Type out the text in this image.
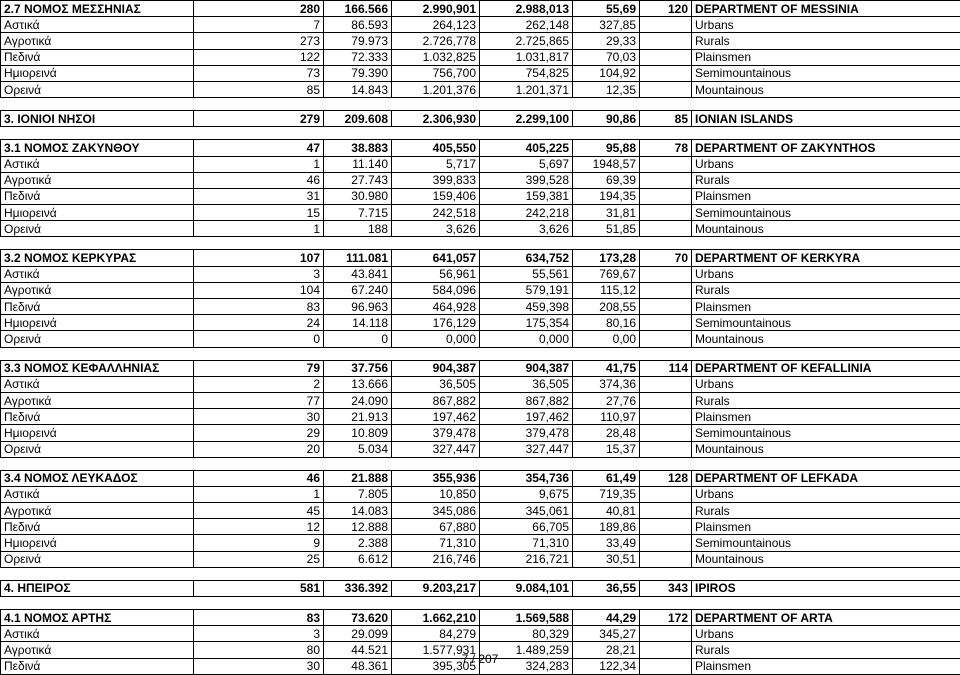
2.7 ΝΟΜΟΣ ΜΕΣΣΗΝΙΑΣ	280	166.566	2.990,901	2.988,013	55,69	120	DEPARTMENT OF MESSINIA
Αστικά	7	86.593	264,123	262,148	327,85		Urbans
Αγροτικά	273	79.973	2.726,778	2.725,865	29,33		Rurals
Πεδινά	122	72.333	1.032,825	1.031,817	70,03		Plainsmen
Ημιορεινά	73	79.390	756,700	754,825	104,92		Semimountainous
Ορεινά	85	14.843	1.201,376	1.201,371	12,35		Mountainous

3. ΙΟΝΙΟΙ ΝΗΣΟΙ	279	209.608	2.306,930	2.299,100	90,86	85	IONIAN ISLANDS

3.1 ΝΟΜΟΣ ΖΑΚΥΝΘΟΥ	47	38.883	405,550	405,225	95,88	78	DEPARTMENT OF ZAKYNTHOS
Αστικά	1	11.140	5,717	5,697	1948,57		Urbans
Αγροτικά	46	27.743	399,833	399,528	69,39		Rurals
Πεδινά	31	30.980	159,406	159,381	194,35		Plainsmen
Ημιορεινά	15	7.715	242,518	242,218	31,81		Semimountainous
Ορεινά	1	188	3,626	3,626	51,85		Mountainous

3.2 ΝΟΜΟΣ ΚΕΡΚΥΡΑΣ	107	111.081	641,057	634,752	173,28	70	DEPARTMENT OF KERKYRA
Αστικά	3	43.841	56,961	55,561	769,67		Urbans
Αγροτικά	104	67.240	584,096	579,191	115,12		Rurals
Πεδινά	83	96.963	464,928	459,398	208,55		Plainsmen
Ημιορεινά	24	14.118	176,129	175,354	80,16		Semimountainous
Ορεινά	0	0	0,000	0,000	0,00		Mountainous

3.3 ΝΟΜΟΣ ΚΕΦΑΛΛΗΝΙΑΣ	79	37.756	904,387	904,387	41,75	114	DEPARTMENT OF KEFALLINIA
Αστικά	2	13.666	36,505	36,505	374,36		Urbans
Αγροτικά	77	24.090	867,882	867,882	27,76		Rurals
Πεδινά	30	21.913	197,462	197,462	110,97		Plainsmen
Ημιορεινά	29	10.809	379,478	379,478	28,48		Semimountainous
Ορεινά	20	5.034	327,447	327,447	15,37		Mountainous

3.4 ΝΟΜΟΣ ΛΕΥΚΑΔΟΣ	46	21.888	355,936	354,736	61,49	128	DEPARTMENT OF LEFKADA
Αστικά	1	7.805	10,850	9,675	719,35		Urbans
Αγροτικά	45	14.083	345,086	345,061	40,81		Rurals
Πεδινά	12	12.888	67,880	66,705	189,86		Plainsmen
Ημιορεινά	9	2.388	71,310	71,310	33,49		Semimountainous
Ορεινά	25	6.612	216,746	216,721	30,51		Mountainous

4. ΗΠΕΙΡΟΣ	581	336.392	9.203,217	9.084,101	36,55	343	IPIROS

4.1 ΝΟΜΟΣ ΑΡΤΗΣ	83	73.620	1.662,210	1.569,588	44,29	172	DEPARTMENT OF ARTA
Αστικά	3	29.099	84,279	80,329	345,27		Urbans
Αγροτικά	80	44.521	1.577,931	1.489,259	28,21		Rurals
Πεδινά	30	48.361	395,305	324,283	122,34		Plainsmen
7 / 207
